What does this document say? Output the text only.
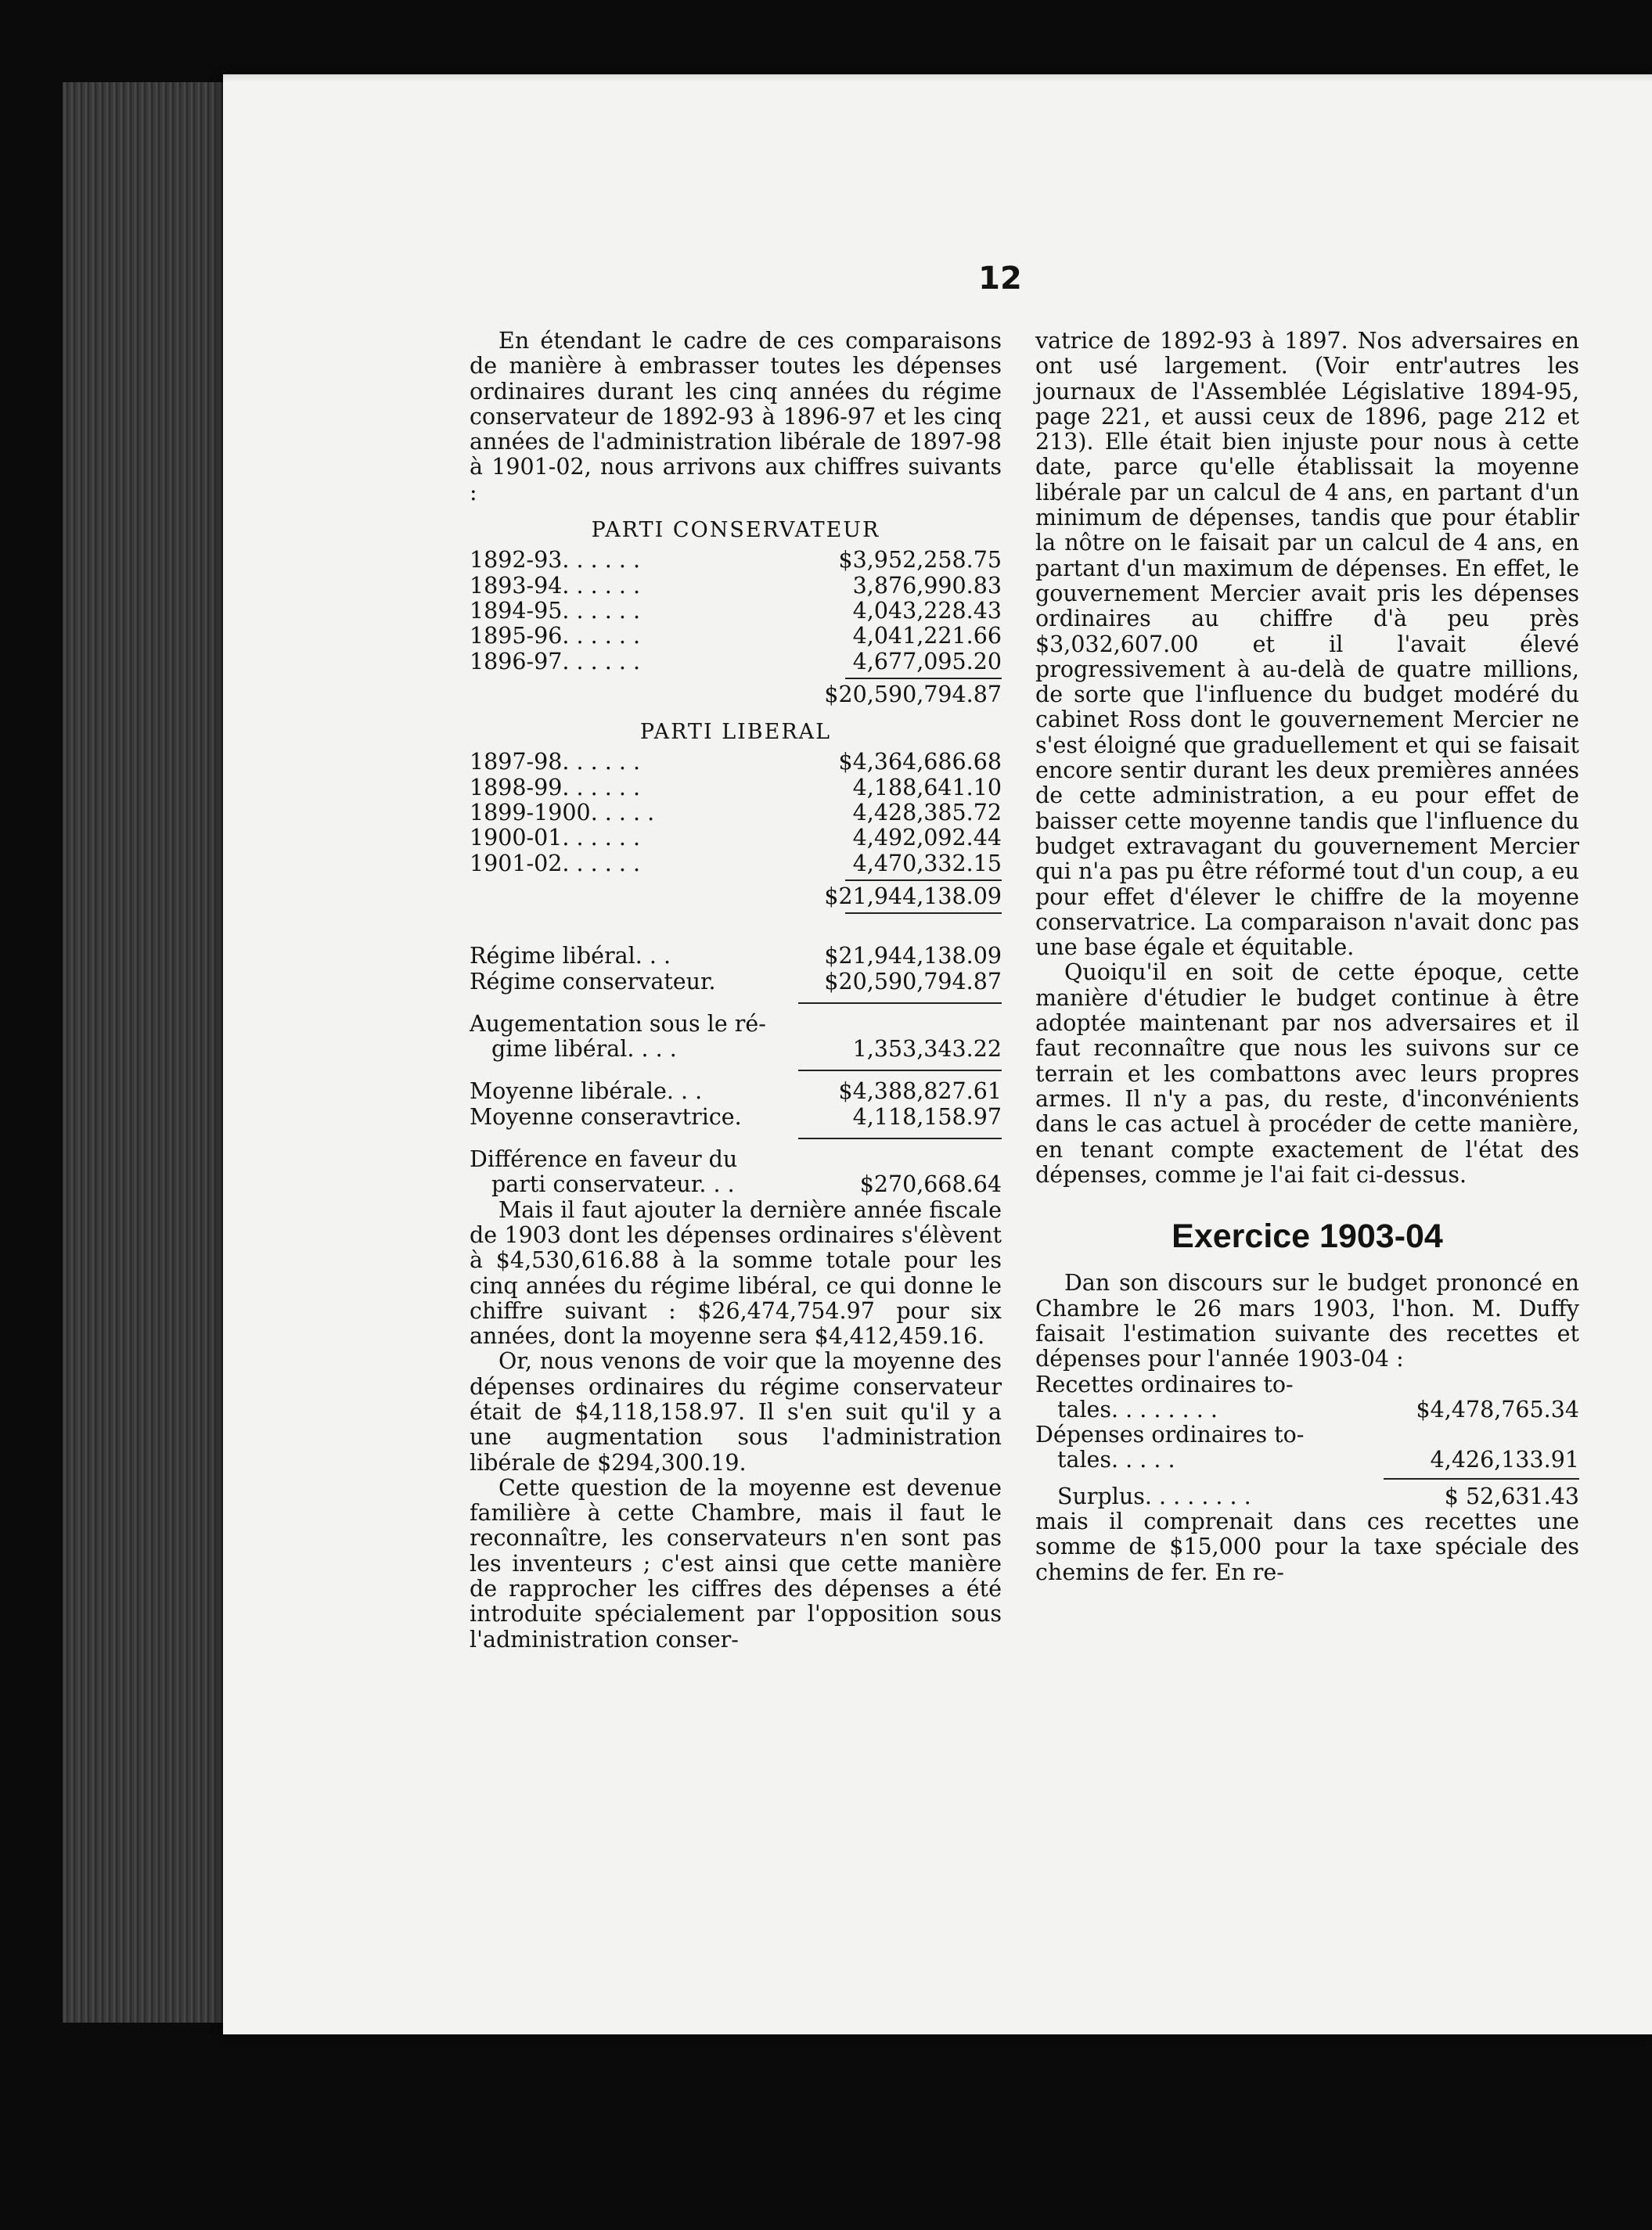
12

En étendant le cadre de ces comparaisons de manière à embrasser toutes les dépenses ordinaires durant les cinq années du régime conservateur de 1892-93 à 1896-97 et les cinq années de l'administration libérale de 1897-98 à 1901-02, nous arrivons aux chiffres suivants :

PARTI CONSERVATEUR
1892-93. . . . . .	$3,952,258.75
1893-94. . . . . .	3,876,990.83
1894-95. . . . . .	4,043,228.43
1895-96. . . . . .	4,041,221.66
1896-97. . . . . .	4,677,095.20
$20,590,794.87
PARTI LIBERAL
1897-98. . . . . .	$4,364,686.68
1898-99. . . . . .	4,188,641.10
1899-1900. . . . .	4,428,385.72
1900-01. . . . . .	4,492,092.44
1901-02. . . . . .	4,470,332.15
$21,944,138.09
Régime libéral. . .	$21,944,138.09
Régime conservateur.	$20,590,794.87
Augementation sous le ré-
gime libéral. . . .	1,353,343.22
Moyenne libérale. . .	$4,388,827.61
Moyenne conseravtrice.	4,118,158.97
Différence en faveur du
parti conservateur. . .	$270,668.64

Mais il faut ajouter la dernière année fiscale de 1903 dont les dépenses ordinaires s'élèvent à $4,530,616.88 à la somme totale pour les cinq années du régime libéral, ce qui donne le chiffre suivant : $26,474,754.97 pour six années, dont la moyenne sera $4,412,459.16.

Or, nous venons de voir que la moyenne des dépenses ordinaires du régime conservateur était de $4,118,158.97. Il s'en suit qu'il y a une augmentation sous l'administration libérale de $294,300.19.

Cette question de la moyenne est devenue familière à cette Chambre, mais il faut le reconnaître, les conservateurs n'en sont pas les inventeurs ; c'est ainsi que cette manière de rapprocher les ciffres des dépenses a été introduite spécialement par l'opposition sous l'administration conser-

vatrice de 1892-93 à 1897. Nos adversaires en ont usé largement. (Voir entr'autres les journaux de l'Assemblée Législative 1894-95, page 221, et aussi ceux de 1896, page 212 et 213). Elle était bien injuste pour nous à cette date, parce qu'elle établissait la moyenne libérale par un calcul de 4 ans, en partant d'un minimum de dépenses, tandis que pour établir la nôtre on le faisait par un calcul de 4 ans, en partant d'un maximum de dépenses. En effet, le gouvernement Mercier avait pris les dépenses ordinaires au chiffre d'à peu près $3,032,607.00 et il l'avait élevé progressivement à au-delà de quatre millions, de sorte que l'influence du budget modéré du cabinet Ross dont le gouvernement Mercier ne s'est éloigné que graduellement et qui se faisait encore sentir durant les deux premières années de cette administration, a eu pour effet de baisser cette moyenne tandis que l'influence du budget extravagant du gouvernement Mercier qui n'a pas pu être réformé tout d'un coup, a eu pour effet d'élever le chiffre de la moyenne conservatrice. La comparaison n'avait donc pas une base égale et équitable.

Quoiqu'il en soit de cette époque, cette manière d'étudier le budget continue à être adoptée maintenant par nos adversaires et il faut reconnaître que nous les suivons sur ce terrain et les combattons avec leurs propres armes. Il n'y a pas, du reste, d'inconvénients dans le cas actuel à procéder de cette manière, en tenant compte exactement de l'état des dépenses, comme je l'ai fait ci-dessus.

Exercice 1903-04

Dan son discours sur le budget prononcé en Chambre le 26 mars 1903, l'hon. M. Duffy faisait l'estimation suivante des recettes et dépenses pour l'année 1903-04 :

Recettes ordinaires to-
tales. . . . . . . .	$4,478,765.34
Dépenses ordinaires to-
tales. . . . .	4,426,133.91
Surplus. . . . . . . .	$ 52,631.43

mais il comprenait dans ces recettes une somme de $15,000 pour la taxe spéciale des chemins de fer. En re-
